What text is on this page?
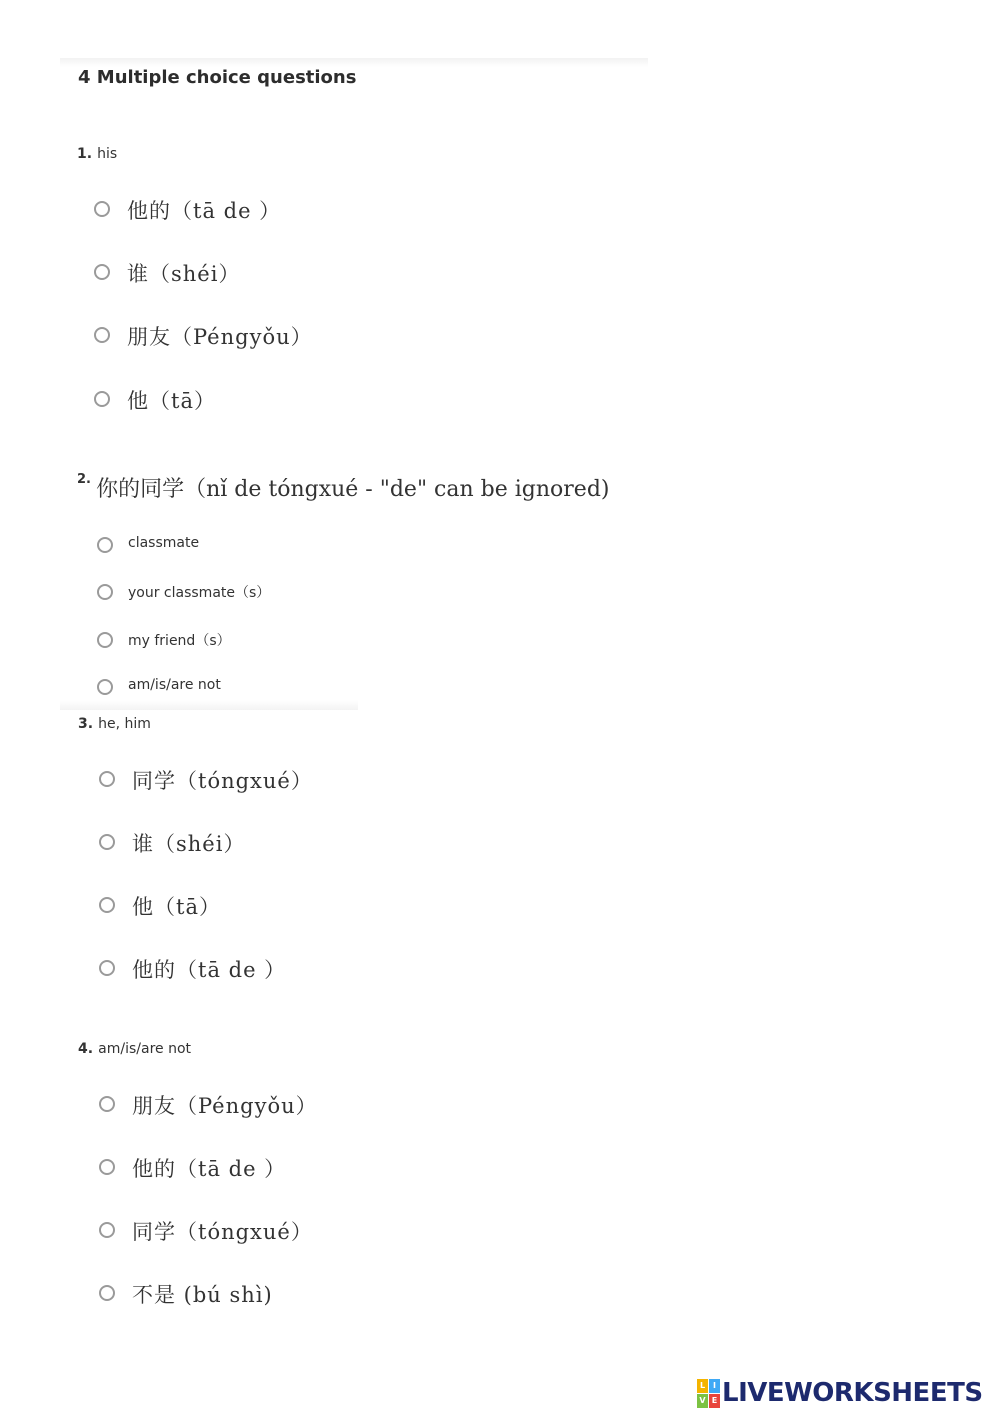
4 Multiple choice questions
1. his
他的（tā de ）
谁（shéi）
朋友（Péngyǒu）
他（tā）
$^{2.}$ 你的同学（nǐ de tóngxué - "de" can be ignored)
classmate
your classmate（s）
my friend（s）
am/is/are not
3. he, him
同学（tóngxué）
谁（shéi）
他（tā）
他的（tā de ）
4. am/is/are not
朋友（Péngyǒu）
他的（tā de ）
同学（tóngxué）
不是 (bú shì)
L I
V E LIVEWORKSHEETS
